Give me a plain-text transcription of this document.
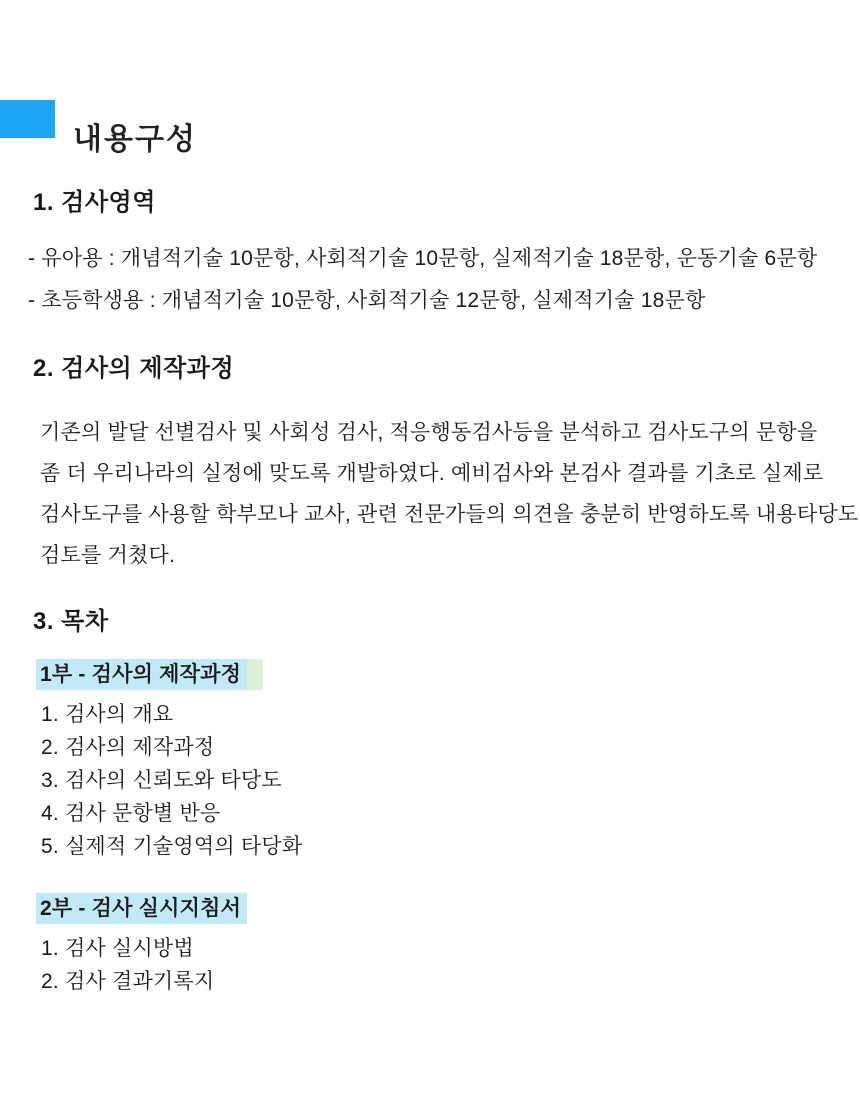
내용구성
1. 검사영역
- 유아용 : 개념적기술 10문항, 사회적기술 10문항, 실제적기술 18문항, 운동기술 6문항
- 초등학생용 : 개념적기술 10문항, 사회적기술 12문항, 실제적기술 18문항
2. 검사의 제작과정
기존의 발달 선별검사 및 사회성 검사, 적응행동검사등을 분석하고 검사도구의 문항을
좀 더 우리나라의 실정에 맞도록 개발하였다. 예비검사와 본검사 결과를 기초로 실제로
검사도구를 사용할 학부모나 교사, 관련 전문가들의 의견을 충분히 반영하도록 내용타당도
검토를 거쳤다.
3. 목차
1부 - 검사의 제작과정
1. 검사의 개요
2. 검사의 제작과정
3. 검사의 신뢰도와 타당도
4. 검사 문항별 반응
5. 실제적 기술영역의 타당화
2부 - 검사 실시지침서
1. 검사 실시방법
2. 검사 결과기록지
